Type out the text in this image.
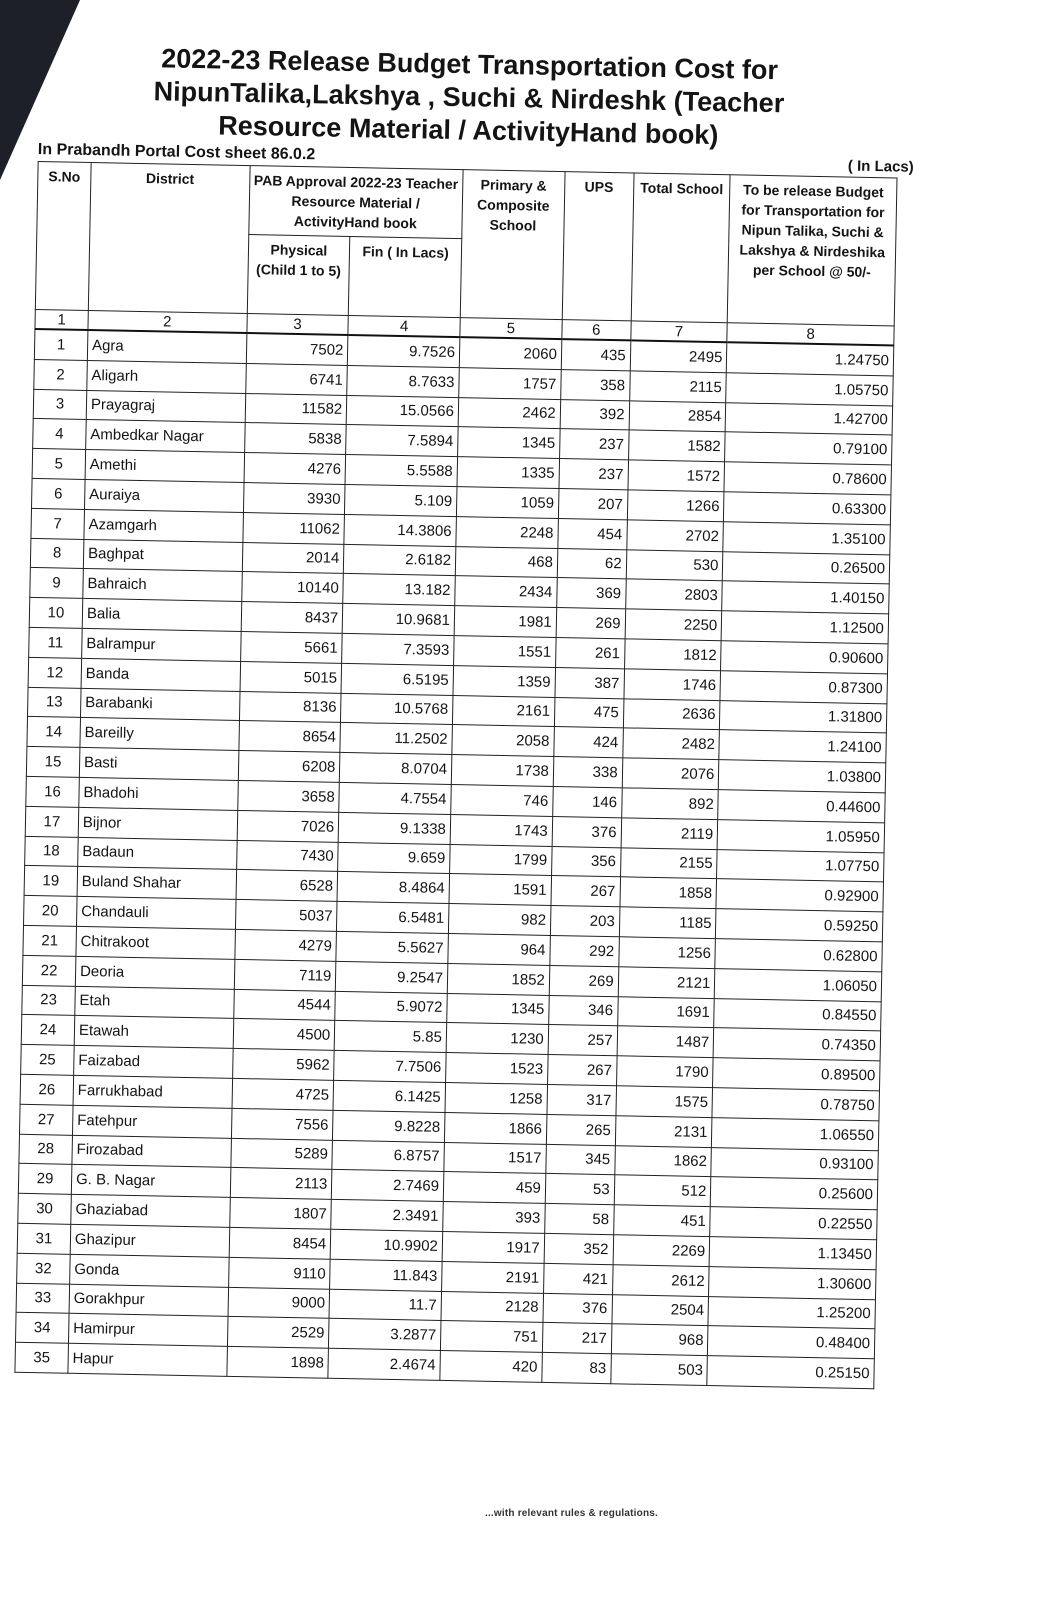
2022-23 Release Budget Transportation Cost for
NipunTalika,Lakshya , Suchi & Nirdeshk (Teacher
Resource Material / ActivityHand book)
In Prabandh Portal Cost sheet 86.0.2
( In Lacs)
S.No	District	PAB Approval 2022-23 Teacher Resource Material / ActivityHand book		Primary & Composite School	UPS	Total School	To be release Budget for Transportation for Nipun Talika, Suchi & Lakshya & Nirdeshika per School @ 50/-
		Physical (Child 1 to 5)	Fin ( In Lacs)				
1	2	3	4	5	6	7	8
1	Agra	7502	9.7526	2060	435	2495	1.24750
2	Aligarh	6741	8.7633	1757	358	2115	1.05750
3	Prayagraj	11582	15.0566	2462	392	2854	1.42700
4	Ambedkar Nagar	5838	7.5894	1345	237	1582	0.79100
5	Amethi	4276	5.5588	1335	237	1572	0.78600
6	Auraiya	3930	5.109	1059	207	1266	0.63300
7	Azamgarh	11062	14.3806	2248	454	2702	1.35100
8	Baghpat	2014	2.6182	468	62	530	0.26500
9	Bahraich	10140	13.182	2434	369	2803	1.40150
10	Balia	8437	10.9681	1981	269	2250	1.12500
11	Balrampur	5661	7.3593	1551	261	1812	0.90600
12	Banda	5015	6.5195	1359	387	1746	0.87300
13	Barabanki	8136	10.5768	2161	475	2636	1.31800
14	Bareilly	8654	11.2502	2058	424	2482	1.24100
15	Basti	6208	8.0704	1738	338	2076	1.03800
16	Bhadohi	3658	4.7554	746	146	892	0.44600
17	Bijnor	7026	9.1338	1743	376	2119	1.05950
18	Badaun	7430	9.659	1799	356	2155	1.07750
19	Buland Shahar	6528	8.4864	1591	267	1858	0.92900
20	Chandauli	5037	6.5481	982	203	1185	0.59250
21	Chitrakoot	4279	5.5627	964	292	1256	0.62800
22	Deoria	7119	9.2547	1852	269	2121	1.06050
23	Etah	4544	5.9072	1345	346	1691	0.84550
24	Etawah	4500	5.85	1230	257	1487	0.74350
25	Faizabad	5962	7.7506	1523	267	1790	0.89500
26	Farrukhabad	4725	6.1425	1258	317	1575	0.78750
27	Fatehpur	7556	9.8228	1866	265	2131	1.06550
28	Firozabad	5289	6.8757	1517	345	1862	0.93100
29	G. B. Nagar	2113	2.7469	459	53	512	0.25600
30	Ghaziabad	1807	2.3491	393	58	451	0.22550
31	Ghazipur	8454	10.9902	1917	352	2269	1.13450
32	Gonda	9110	11.843	2191	421	2612	1.30600
33	Gorakhpur	9000	11.7	2128	376	2504	1.25200
34	Hamirpur	2529	3.2877	751	217	968	0.48400
35	Hapur	1898	2.4674	420	83	503	0.25150
...with relevant rules & regulations.
